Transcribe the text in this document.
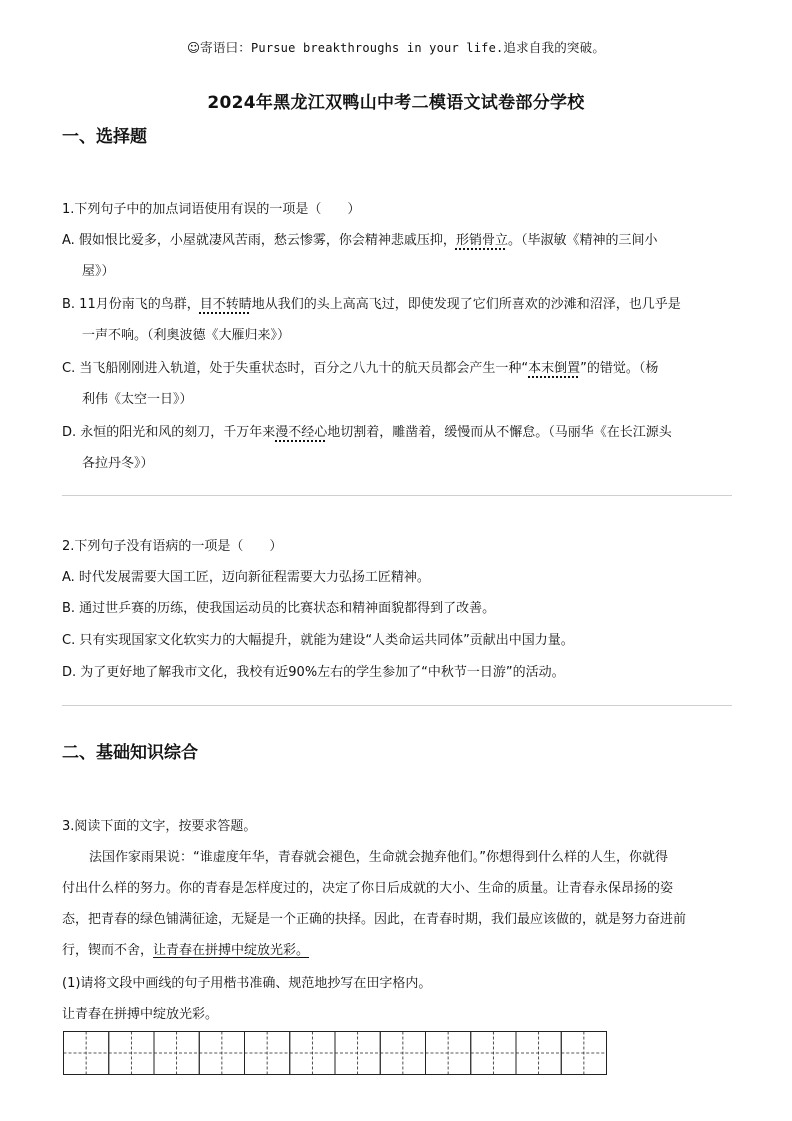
☺寄语曰：Pursue breakthroughs in your life.追求自我的突破。
2024年黑龙江双鸭山中考二模语文试卷部分学校
一、选择题
1.下列句子中的加点词语使用有误的一项是（　　）
A. 假如恨比爱多，小屋就凄风苦雨，愁云惨雾，你会精神悲戚压抑，形销骨立。（毕淑敏《精神的三间小
屋》）
B. 11月份南飞的鸟群，目不转睛地从我们的头上高高飞过，即使发现了它们所喜欢的沙滩和沼泽，也几乎是
一声不响。（利奥波德《大雁归来》）
C. 当飞船刚刚进入轨道，处于失重状态时，百分之八九十的航天员都会产生一种“本末倒置”的错觉。（杨
利伟《太空一日》）
D. 永恒的阳光和风的刻刀，千万年来漫不经心地切割着，雕凿着，缓慢而从不懈怠。（马丽华《在长江源头
各拉丹冬》）
2.下列句子没有语病的一项是（　　）
A. 时代发展需要大国工匠，迈向新征程需要大力弘扬工匠精神。
B. 通过世乒赛的历练，使我国运动员的比赛状态和精神面貌都得到了改善。
C. 只有实现国家文化软实力的大幅提升，就能为建设“人类命运共同体”贡献出中国力量。
D. 为了更好地了解我市文化，我校有近90%左右的学生参加了“中秋节一日游”的活动。
二、基础知识综合
3.阅读下面的文字，按要求答题。
法国作家雨果说：“谁虚度年华，青春就会褪色，生命就会抛弃他们。”你想得到什么样的人生，你就得
付出什么样的努力。你的青春是怎样度过的，决定了你日后成就的大小、生命的质量。让青春永保昂扬的姿
态，把青春的绿色铺满征途，无疑是一个正确的抉择。因此，在青春时期，我们最应该做的，就是努力奋进前
行，锲而不舍，让青春在拼搏中绽放光彩。
(1)请将文段中画线的句子用楷书准确、规范地抄写在田字格内。
让青春在拼搏中绽放光彩。
